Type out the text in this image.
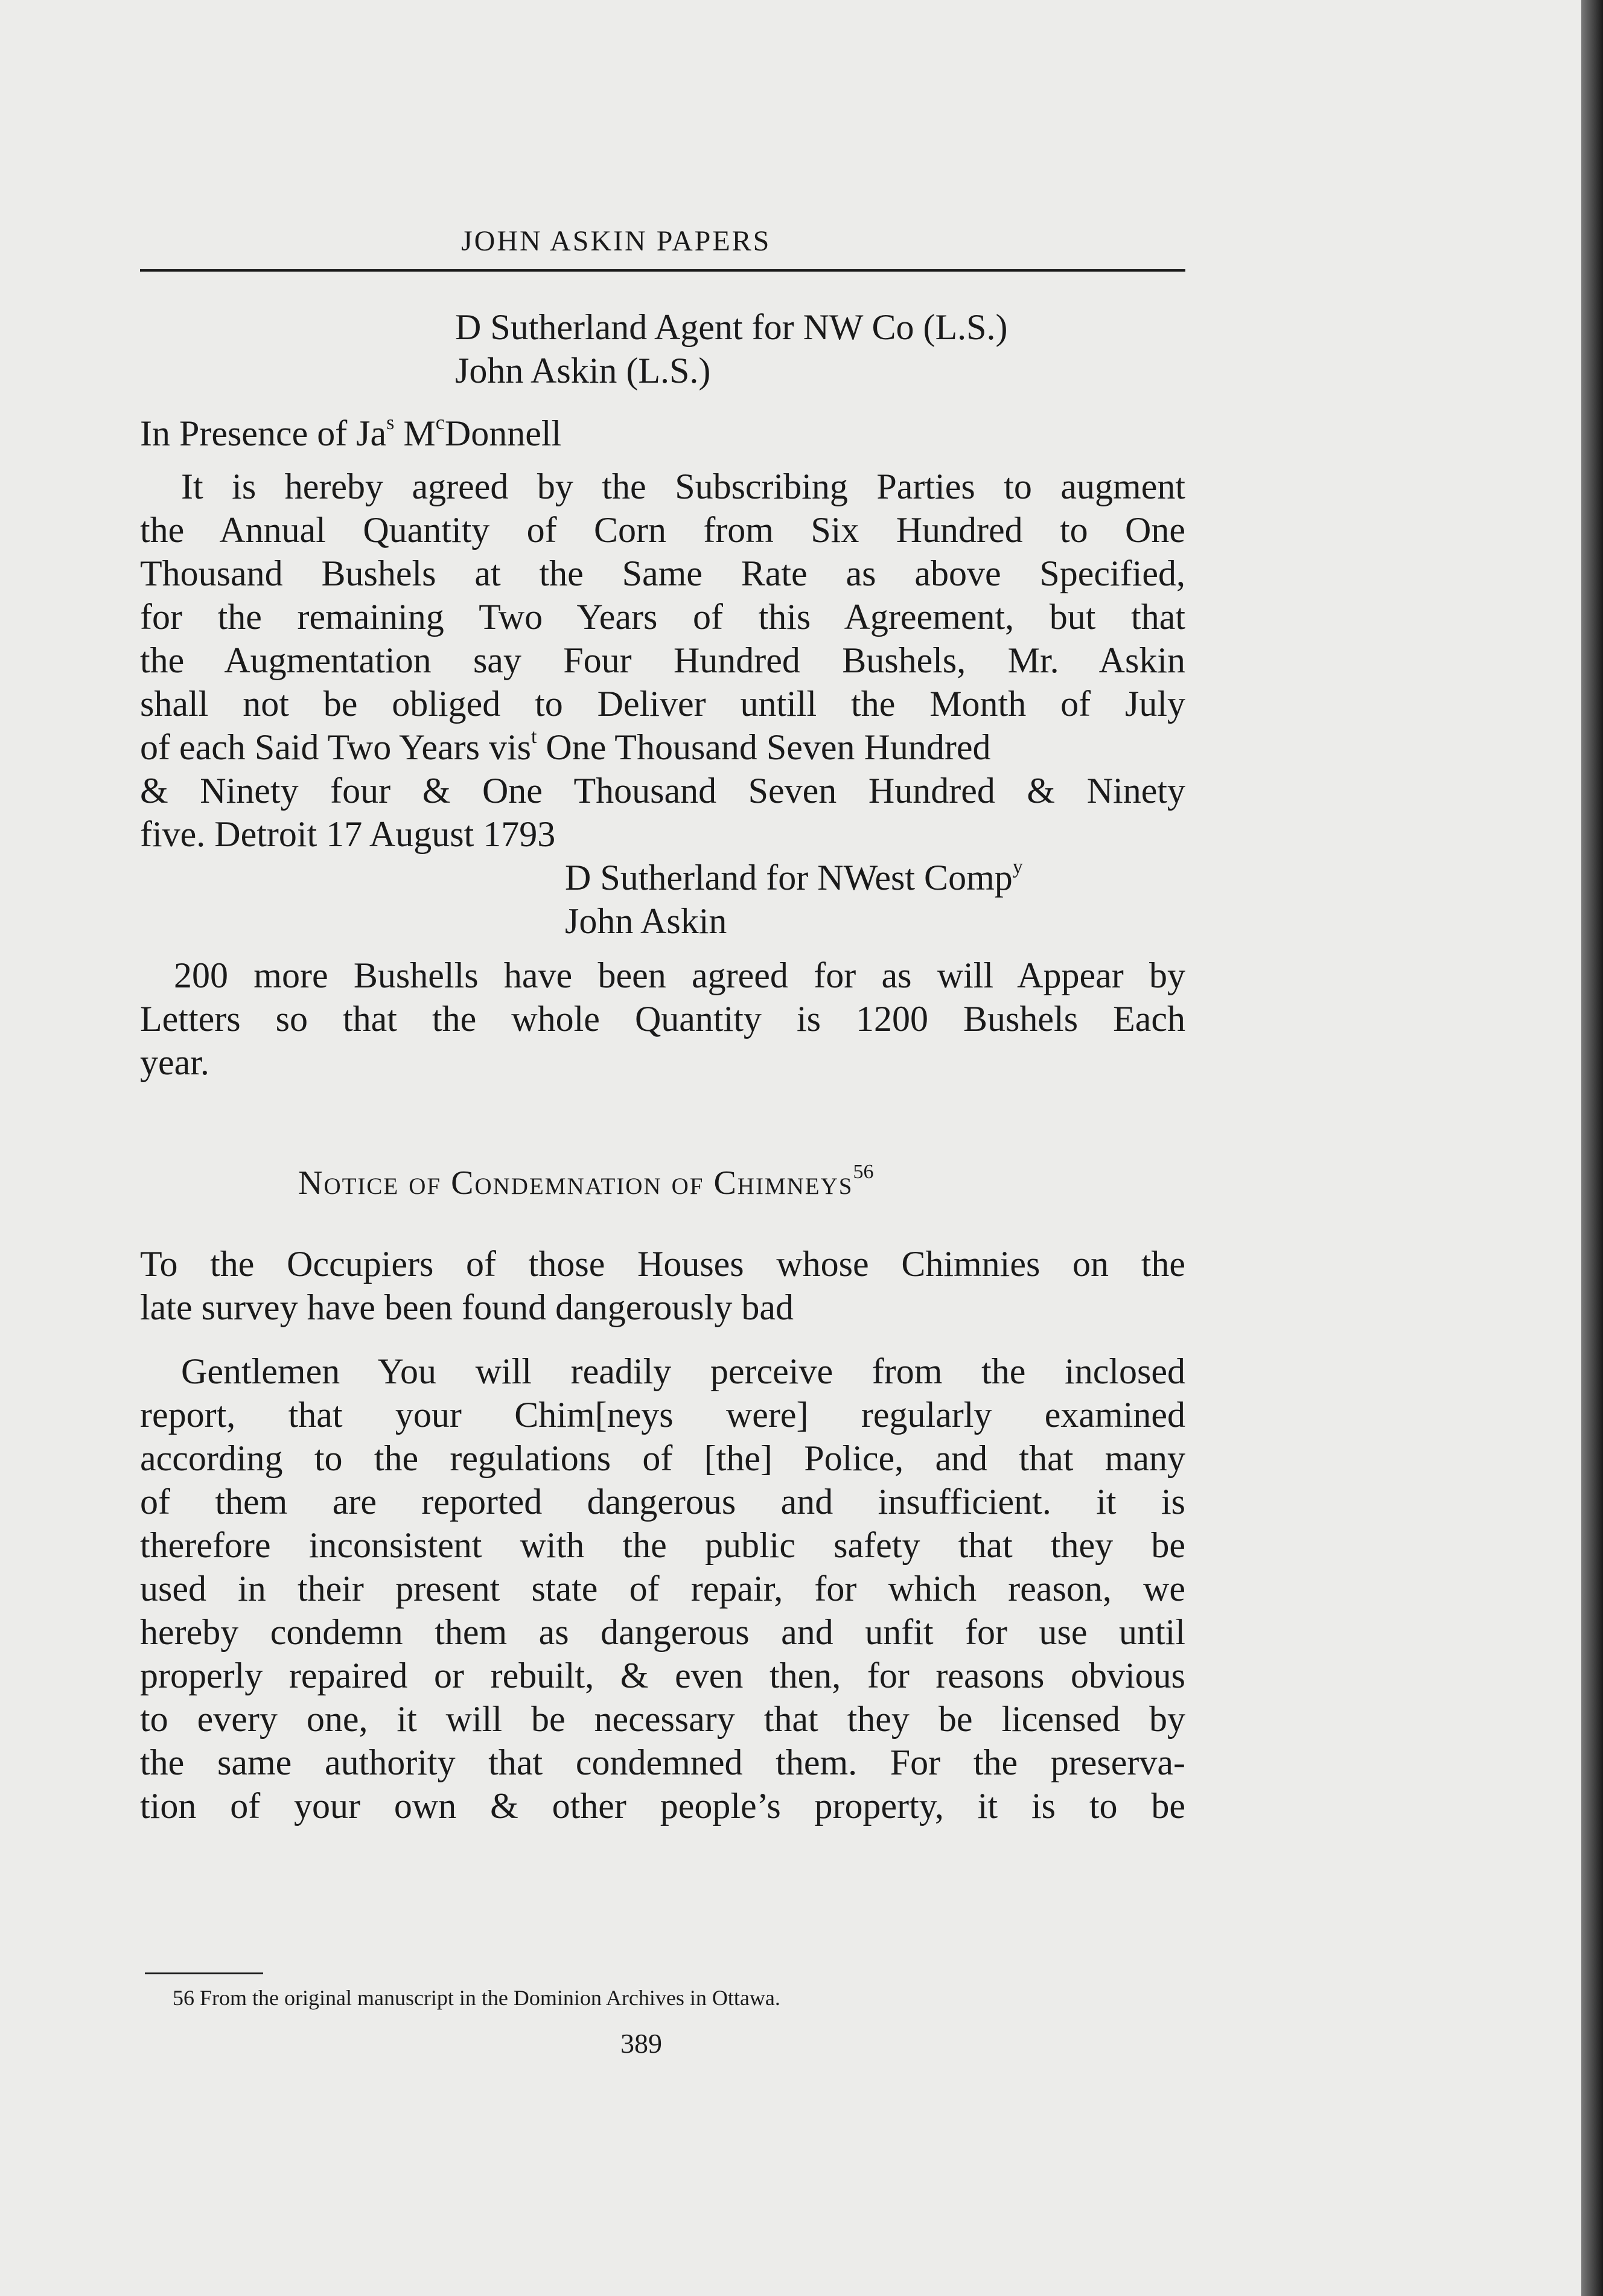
JOHN ASKIN PAPERS
D Sutherland Agent for NW Co (L.S.)
John Askin (L.S.)
In Presence of Ja$^s$ $M^cDonnell$
It is hereby agreed by the Subscribing Parties to augment
the Annual Quantity of Corn from Six Hundred to One
Thousand Bushels at the Same Rate as above Specified,
for the remaining Two Years of this Agreement, but that
the Augmentation say Four Hundred Bushels, Mr. Askin
shall not be obliged to Deliver untill the Month of July
of each Said Two Years vis$^t$ One Thousand Seven Hundred
& Ninety four & One Thousand Seven Hundred & Ninety
five. Detroit 17 August 1793
D Sutherland for NWest Comp$^y$
John Askin
200 more Bushells have been agreed for as will Appear by
Letters so that the whole Quantity is 1200 Bushels Each
year.
Notice of Condemnation of Chimneys$^{56}$
To the Occupiers of those Houses whose Chimnies on the
late survey have been found dangerously bad
Gentlemen You will readily perceive from the inclosed
report, that your Chim[neys were] regularly examined
according to the regulations of [the] Police, and that many
of them are reported dangerous and insufficient. it is
therefore inconsistent with the public safety that they be
used in their present state of repair, for which reason, we
hereby condemn them as dangerous and unfit for use until
properly repaired or rebuilt, & even then, for reasons obvious
to every one, it will be necessary that they be licensed by
the same authority that condemned them. For the preserva-
tion of your own & other people’s property, it is to be
56 From the original manuscript in the Dominion Archives in Ottawa.
389
